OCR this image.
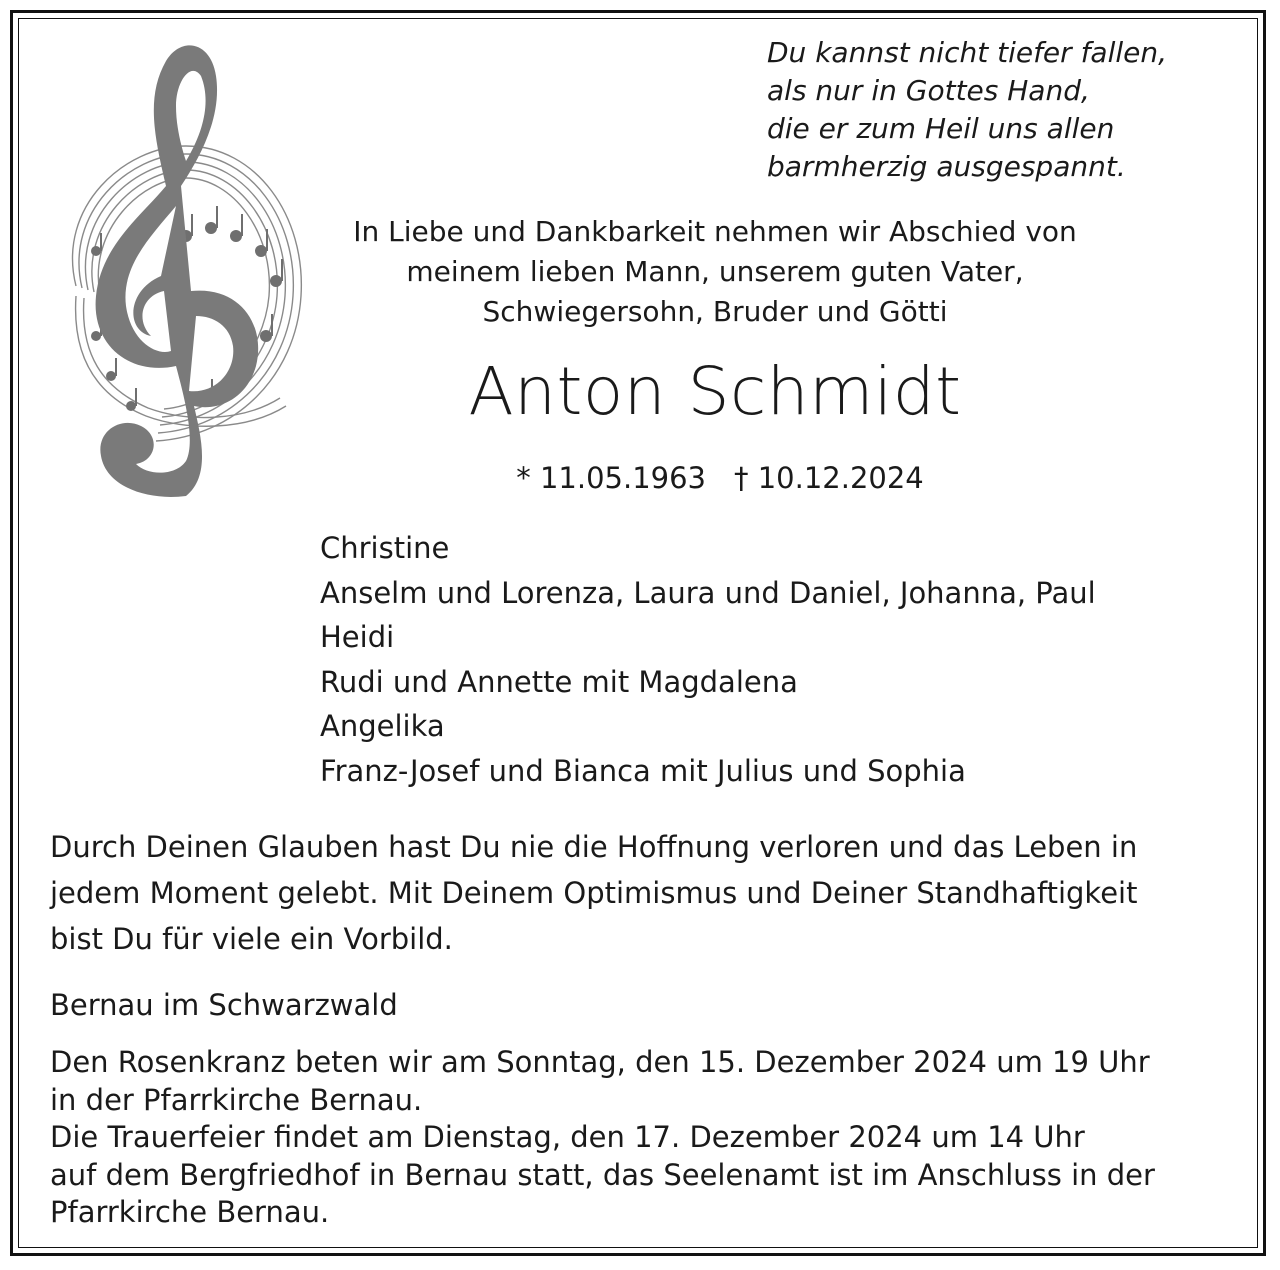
Du kannst nicht tiefer fallen,
als nur in Gottes Hand,
die er zum Heil uns allen
barmherzig ausgespannt.
In Liebe und Dankbarkeit nehmen wir Abschied von
meinem lieben Mann, unserem guten Vater,
Schwiegersohn, Bruder und Götti
Anton Schmidt
* 11.05.1963 † 10.12.2024
Christine
Anselm und Lorenza, Laura und Daniel, Johanna, Paul
Heidi
Rudi und Annette mit Magdalena
Angelika
Franz-Josef und Bianca mit Julius und Sophia
Durch Deinen Glauben hast Du nie die Hoffnung verloren und das Leben in
jedem Moment gelebt. Mit Deinem Optimismus und Deiner Standhaftigkeit
bist Du für viele ein Vorbild.
Bernau im Schwarzwald
Den Rosenkranz beten wir am Sonntag, den 15. Dezember 2024 um 19 Uhr
in der Pfarrkirche Bernau.
Die Trauerfeier findet am Dienstag, den 17. Dezember 2024 um 14 Uhr
auf dem Bergfriedhof in Bernau statt, das Seelenamt ist im Anschluss in der
Pfarrkirche Bernau.
